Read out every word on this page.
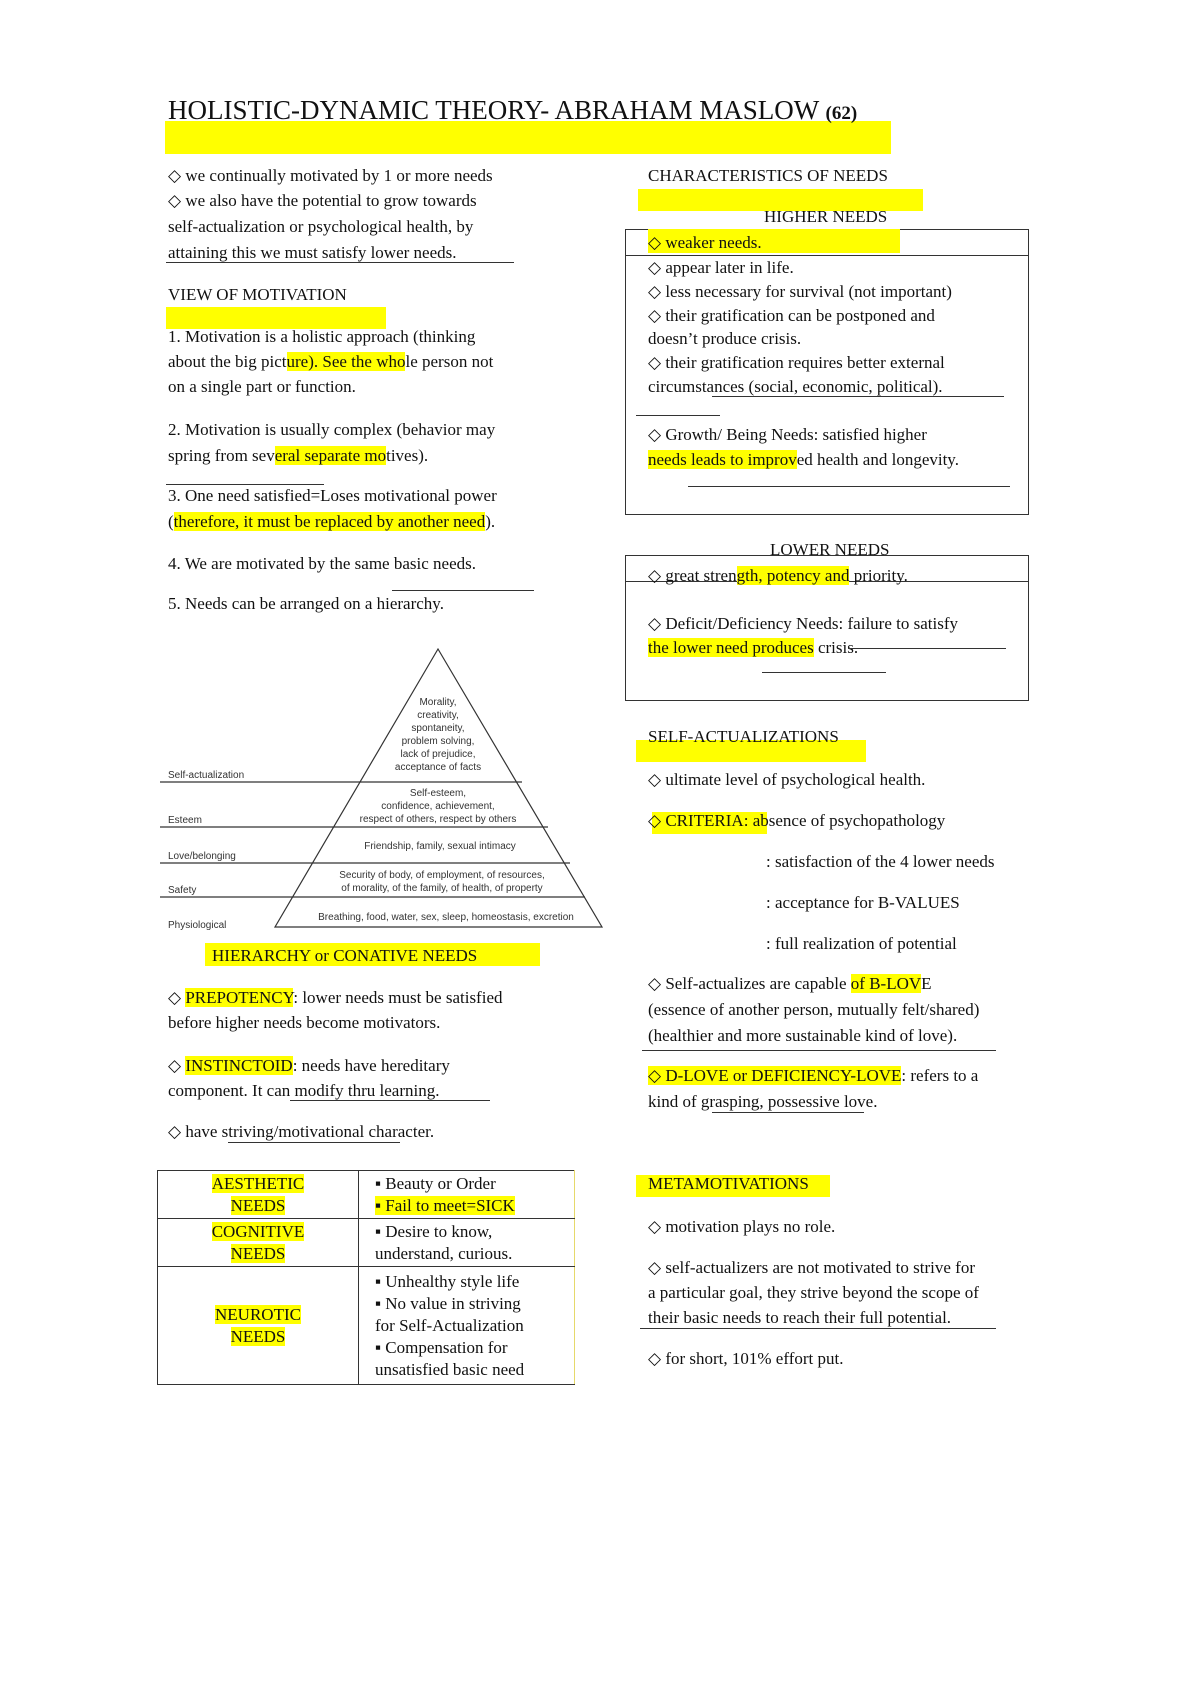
HOLISTIC-DYNAMIC THEORY- ABRAHAM MASLOW (62)
◇ we continually motivated by 1 or more needs
◇ we also have the potential to grow towards
self-actualization or psychological health, by
attaining this we must satisfy lower needs.
VIEW OF MOTIVATION
1. Motivation is a holistic approach (thinking
about the big picture). See the whole person not
on a single part or function.
2. Motivation is usually complex (behavior may
spring from several separate motives).
3. One need satisfied=Loses motivational power
(therefore, it must be replaced by another need).
4. We are motivated by the same basic needs.
5. Needs can be arranged on a hierarchy.
Self-actualization
Esteem
Love/belonging
Safety
Physiological
Morality,
creativity,
spontaneity,
problem solving,
lack of prejudice,
acceptance of facts
Self-esteem,
confidence, achievement,
respect of others, respect by others
Friendship, family, sexual intimacy
Security of body, of employment, of resources,
of morality, of the family, of health, of property
Breathing, food, water, sex, sleep, homeostasis, excretion
HIERARCHY or CONATIVE NEEDS
◇ PREPOTENCY: lower needs must be satisfied
before higher needs become motivators.
◇ INSTINCTOID: needs have hereditary
component. It can modify thru learning.
◇ have striving/motivational character.
AESTHETIC
NEEDS	▪ Beauty or Order
▪ Fail to meet=SICK
COGNITIVE
NEEDS	▪ Desire to know,
understand, curious.
NEUROTIC
NEEDS	▪ Unhealthy style life
▪ No value in striving
for Self-Actualization
▪ Compensation for
unsatisfied basic need
CHARACTERISTICS OF NEEDS
HIGHER NEEDS
◇ weaker needs.
◇ appear later in life.
◇ less necessary for survival (not important)
◇ their gratification can be postponed and
doesn’t produce crisis.
◇ their gratification requires better external
circumstances (social, economic, political).
◇ Growth/ Being Needs: satisfied higher
needs leads to improved health and longevity.
LOWER NEEDS
◇ great strength, potency and priority.
◇ Deficit/Deficiency Needs: failure to satisfy
the lower need produces crisis.
SELF-ACTUALIZATIONS
◇ ultimate level of psychological health.
◇ CRITERIA: absence of psychopathology
: satisfaction of the 4 lower needs
: acceptance for B-VALUES
: full realization of potential
◇ Self-actualizes are capable of B-LOVE
(essence of another person, mutually felt/shared)
(healthier and more sustainable kind of love).
◇ D-LOVE or DEFICIENCY-LOVE: refers to a
kind of grasping, possessive love.
METAMOTIVATIONS
◇ motivation plays no role.
◇ self-actualizers are not motivated to strive for
a particular goal, they strive beyond the scope of
their basic needs to reach their full potential.
◇ for short, 101% effort put.
